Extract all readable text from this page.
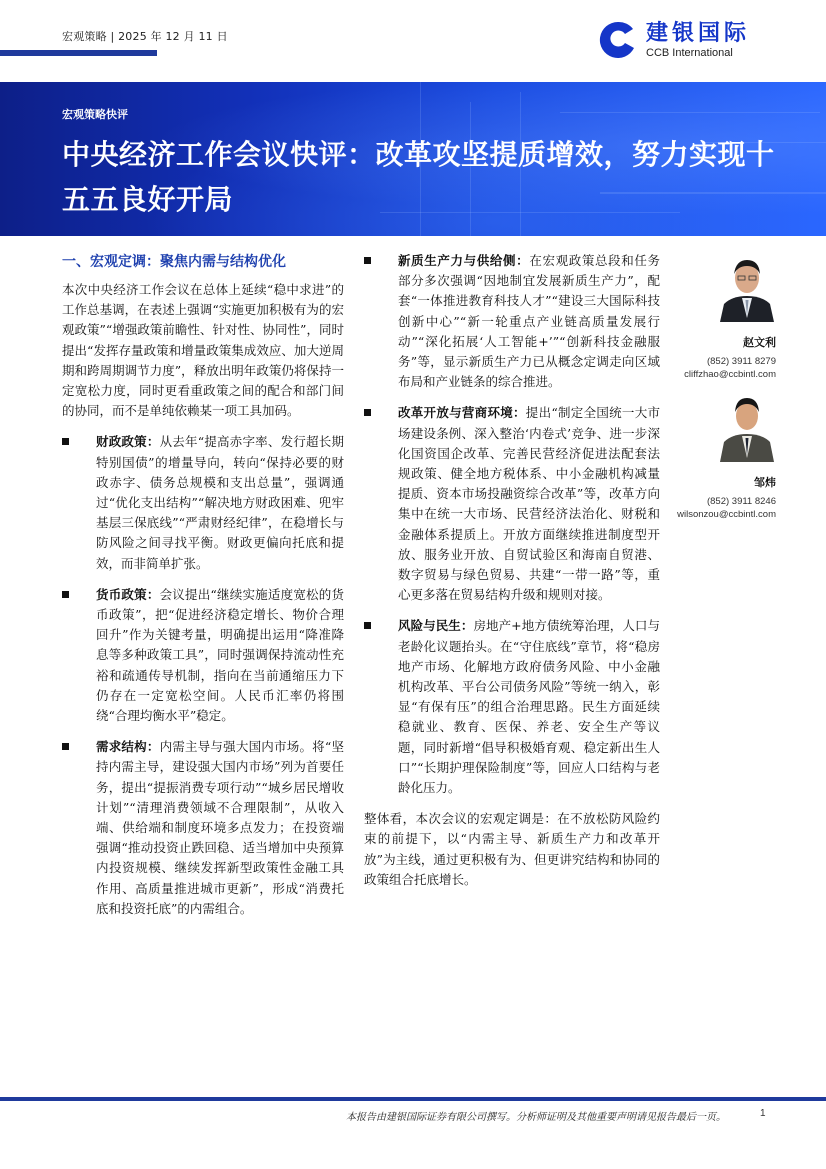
宏观策略 | 2025 年 12 月 11 日	建银国际
CCB International
宏观策略快评
中央经济工作会议快评：改革攻坚提质增效，努力实现十五五良好开局
一、宏观定调：聚焦内需与结构优化

本次中央经济工作会议在总体上延续“稳中求进”的工作总基调，在表述上强调“实施更加积极有为的宏观政策”“增强政策前瞻性、针对性、协同性”，同时提出“发挥存量政策和增量政策集成效应、加大逆周期和跨周期调节力度”，释放出明年政策仍将保持一定宽松力度，同时更看重政策之间的配合和部门间的协同，而不是单纯依赖某一项工具加码。

财政政策：从去年“提高赤字率、发行超长期特别国债”的增量导向，转向“保持必要的财政赤字、债务总规模和支出总量”，强调通过“优化支出结构”“解决地方财政困难、兜牢基层三保底线”“严肃财经纪律”，在稳增长与防风险之间寻找平衡。财政更偏向托底和提效，而非简单扩张。
货币政策：会议提出“继续实施适度宽松的货币政策”，把“促进经济稳定增长、物价合理回升”作为关键考量，明确提出运用“降准降息等多种政策工具”，同时强调保持流动性充裕和疏通传导机制，指向在当前通缩压力下仍存在一定宽松空间。人民币汇率仍将围绕“合理均衡水平”稳定。
需求结构：内需主导与强大国内市场。将“坚持内需主导，建设强大国内市场”列为首要任务，提出“提振消费专项行动”“城乡居民增收计划”“清理消费领域不合理限制”，从收入端、供给端和制度环境多点发力；在投资端强调“推动投资止跌回稳、适当增加中央预算内投资规模、继续发挥新型政策性金融工具作用、高质量推进城市更新”，形成“消费托底和投资托底”的内需组合。
新质生产力与供给侧：在宏观政策总段和任务部分多次强调“因地制宜发展新质生产力”，配套“一体推进教育科技人才”“建设三大国际科技创新中心”“新一轮重点产业链高质量发展行动”“深化拓展‘人工智能+’”“创新科技金融服务”等，显示新质生产力已从概念定调走向区域布局和产业链条的综合推进。
改革开放与营商环境：提出“制定全国统一大市场建设条例、深入整治‘内卷式’竞争、进一步深化国资国企改革、完善民营经济促进法配套法规政策、健全地方税体系、中小金融机构减量提质、资本市场投融资综合改革”等，改革方向集中在统一大市场、民营经济法治化、财税和金融体系提质上。开放方面继续推进制度型开放、服务业开放、自贸试验区和海南自贸港、数字贸易与绿色贸易、共建“一带一路”等，重心更多落在贸易结构升级和规则对接。
风险与民生：房地产+地方债统筹治理，人口与老龄化议题抬头。在“守住底线”章节，将“稳房地产市场、化解地方政府债务风险、中小金融机构改革、平台公司债务风险”等统一纳入，彰显“有保有压”的组合治理思路。民生方面延续稳就业、教育、医保、养老、安全生产等议题，同时新增“倡导积极婚育观、稳定新出生人口”“长期护理保险制度”等，回应人口结构与老龄化压力。

整体看，本次会议的宏观定调是：在不放松防风险约束的前提下，以“内需主导、新质生产力和改革开放”为主线，通过更积极有为、但更讲究结构和协同的政策组合托底增长。

赵文利
(852) 3911 8279
cliffzhao@ccbintl.com
邹炜
(852) 3911 8246
wilsonzou@ccbintl.com
本报告由建银国际证券有限公司撰写。分析师证明及其他重要声明请见报告最后一页。	1
